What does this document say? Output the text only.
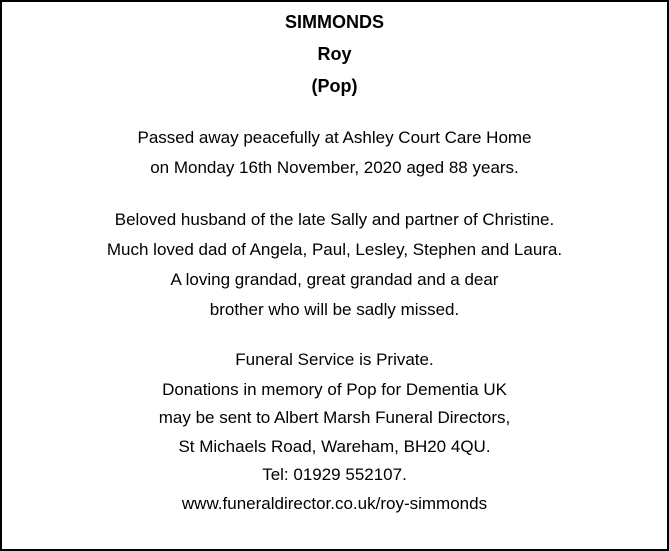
SIMMONDS
Roy
(Pop)
Passed away peacefully at Ashley Court Care Home
on Monday 16th November, 2020 aged 88 years.
Beloved husband of the late Sally and partner of Christine.
Much loved dad of Angela, Paul, Lesley, Stephen and Laura.
A loving grandad, great grandad and a dear
brother who will be sadly missed.
Funeral Service is Private.
Donations in memory of Pop for Dementia UK
may be sent to Albert Marsh Funeral Directors,
St Michaels Road, Wareham, BH20 4QU.
Tel: 01929 552107.
www.funeraldirector.co.uk/roy-simmonds
